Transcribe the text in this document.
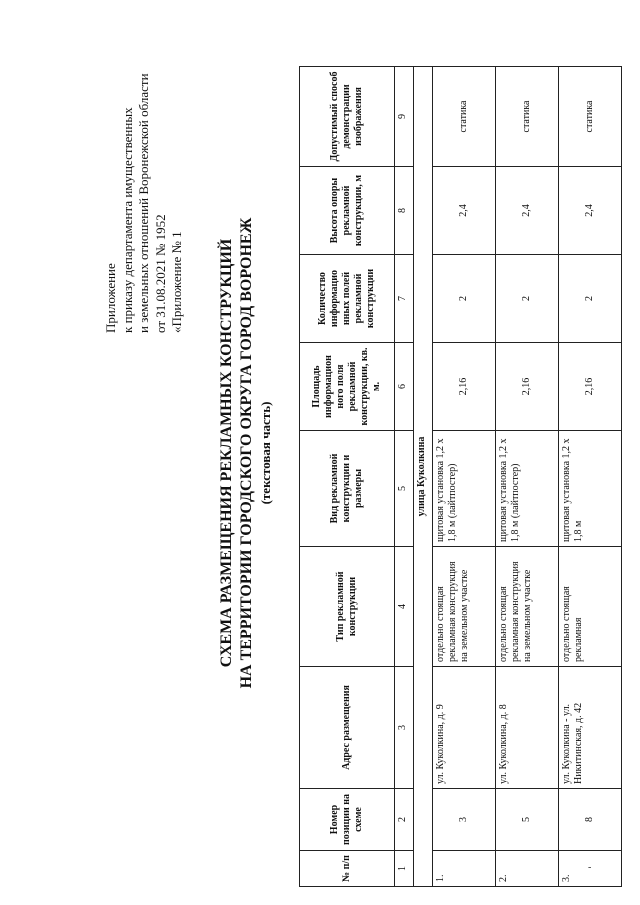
Приложение к приказу департамента имущественных и земельных отношений Воронежской области от 31.08.2021 № 1952 «Приложение № 1 СХЕМА РАЗМЕЩЕНИЯ РЕКЛАМНЫХ КОНСТРУКЦИЙ НА ТЕРРИТОРИИ ГОРОДСКОГО ОКРУГА ГОРОД ВОРОНЕЖ (текстовая часть)
№ п/п	Номер позиции на схеме	Адрес размещения	Тип рекламной конструкции	Вид рекламной конструкции и размеры	Площадь информацион ного поля рекламной конструкции, кв. м.	Количество информацио нных полей рекламной конструкции	Высота опоры рекламной конструкции, м	Допустимый способ демонстрации изображения
1	2	3	4	5	6	7	8	9
улица Куколкина								
1.	3	ул. Куколкина, д. 9	отдельно стоящая рекламная конструкция на земельном участке	щитовая установка 1,2 х 1,8 м (лайтпостер)	2,16	2	2,4	статика
2.	5	ул. Куколкина, д. 8	отдельно стоящая рекламная конструкция на земельном участке	щитовая установка 1,2 х 1,8 м (лайтпостер)	2,16	2	2,4	статика
3.	8	ул. Куколкина - ул. Никитинская, д. 42	отдельно стоящая рекламная	щитовая установка 1,2 х 1,8 м	2,16	2	2,4	статика
-
